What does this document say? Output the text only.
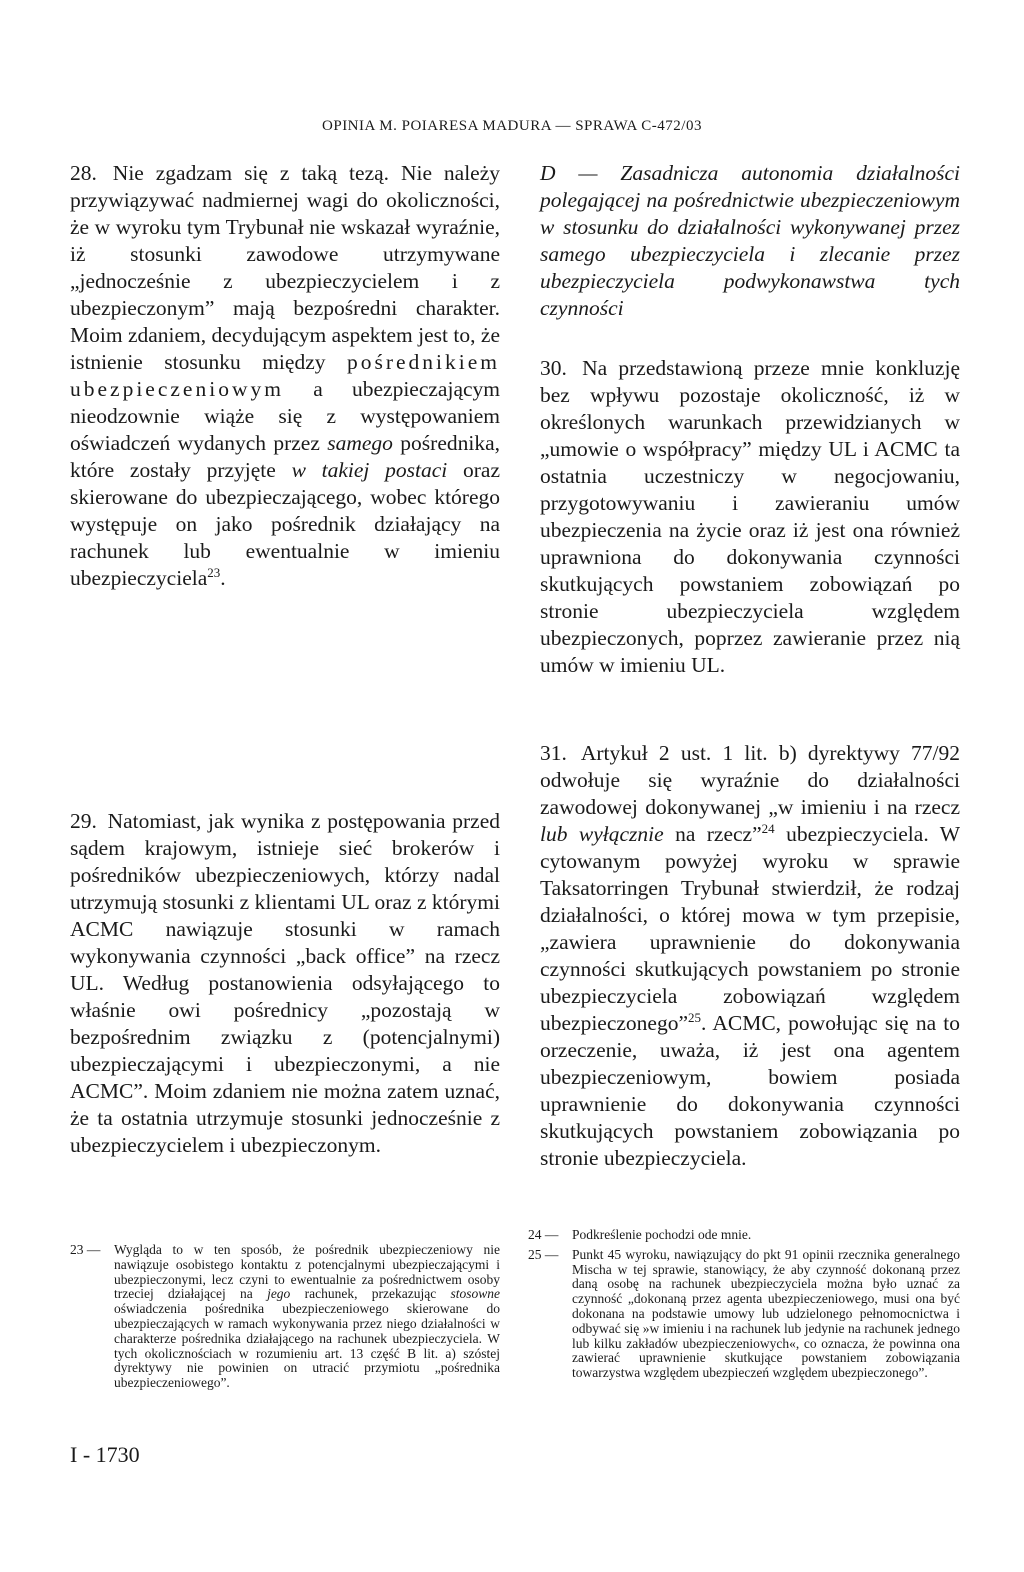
OPINIA M. POIARESA MADURA — SPRAWA C-472/03

28. Nie zgadzam się z taką tezą. Nie należy przywiązywać nadmiernej wagi do okoliczności, że w wyroku tym Trybunał nie wskazał wyraźnie, iż stosunki zawodowe utrzymywane „jednocześnie z ubezpieczycielem i z ubezpieczonym” mają bezpośredni charakter. Moim zdaniem, decydującym aspektem jest to, że istnienie stosunku między pośrednikiem ubezpieczeniowym a ubezpieczającym nieodzownie wiąże się z występowaniem oświadczeń wydanych przez samego pośrednika, które zostały przyjęte w takiej postaci oraz skierowane do ubezpieczającego, wobec którego występuje on jako pośrednik działający na rachunek lub ewentualnie w imieniu ubezpieczyciela$^{23}$.

D — Zasadnicza autonomia działalności polegającej na pośrednictwie ubezpieczeniowym w stosunku do działalności wykonywanej przez samego ubezpieczyciela i zlecanie przez ubezpieczyciela podwykonawstwa tych czynności

30. Na przedstawioną przeze mnie konkluzję bez wpływu pozostaje okoliczność, iż w określonych warunkach przewidzianych w „umowie o współpracy” między UL i ACMC ta ostatnia uczestniczy w negocjowaniu, przygotowywaniu i zawieraniu umów ubezpieczenia na życie oraz iż jest ona również uprawniona do dokonywania czynności skutkujących powstaniem zobowiązań po stronie ubezpieczyciela względem ubezpieczonych, poprzez zawieranie przez nią umów w imieniu UL.

29. Natomiast, jak wynika z postępowania przed sądem krajowym, istnieje sieć brokerów i pośredników ubezpieczeniowych, którzy nadal utrzymują stosunki z klientami UL oraz z którymi ACMC nawiązuje stosunki w ramach wykonywania czynności „back office” na rzecz UL. Według postanowienia odsyłającego to właśnie owi pośrednicy „pozostają w bezpośrednim związku z (potencjalnymi) ubezpieczającymi i ubezpieczonymi, a nie ACMC”. Moim zdaniem nie można zatem uznać, że ta ostatnia utrzymuje stosunki jednocześnie z ubezpieczycielem i ubezpieczonym.

31. Artykuł 2 ust. 1 lit. b) dyrektywy 77/92 odwołuje się wyraźnie do działalności zawodowej dokonywanej „w imieniu i na rzecz lub wyłącznie na rzecz”$^{24}$ ubezpieczyciela. W cytowanym powyżej wyroku w sprawie Taksatorringen Trybunał stwierdził, że rodzaj działalności, o której mowa w tym przepisie, „zawiera uprawnienie do dokonywania czynności skutkujących powstaniem po stronie ubezpieczyciela zobowiązań względem ubezpieczonego”$^{25}$. ACMC, powołując się na to orzeczenie, uważa, iż jest ona agentem ubezpieczeniowym, bowiem posiada uprawnienie do dokonywania czynności skutkujących powstaniem zobowiązania po stronie ubezpieczyciela.

23 —	Wygląda to w ten sposób, że pośrednik ubezpieczeniowy nie nawiązuje osobistego kontaktu z potencjalnymi ubezpieczającymi i ubezpieczonymi, lecz czyni to ewentualnie za pośrednictwem osoby trzeciej działającej na jego rachunek, przekazując stosowne oświadczenia pośrednika ubezpieczeniowego skierowane do ubezpieczających w ramach wykonywania przez niego działalności w charakterze pośrednika działającego na rachunek ubezpieczyciela. W tych okolicznościach w rozumieniu art. 13 część B lit. a) szóstej dyrektywy nie powinien on utracić przymiotu „pośrednika ubezpieczeniowego”.
24 —	Podkreślenie pochodzi ode mnie.
25 —	Punkt 45 wyroku, nawiązujący do pkt 91 opinii rzecznika generalnego Mischa w tej sprawie, stanowiący, że aby czynność dokonaną przez daną osobę na rachunek ubezpieczyciela można było uznać za czynność „dokonaną przez agenta ubezpieczeniowego, musi ona być dokonana na podstawie umowy lub udzielonego pełnomocnictwa i odbywać się »w imieniu i na rachunek lub jedynie na rachunek jednego lub kilku zakładów ubezpieczeniowych«, co oznacza, że powinna ona zawierać uprawnienie skutkujące powstaniem zobowiązania towarzystwa względem ubezpieczeń względem ubezpieczonego”.
I - 1730
